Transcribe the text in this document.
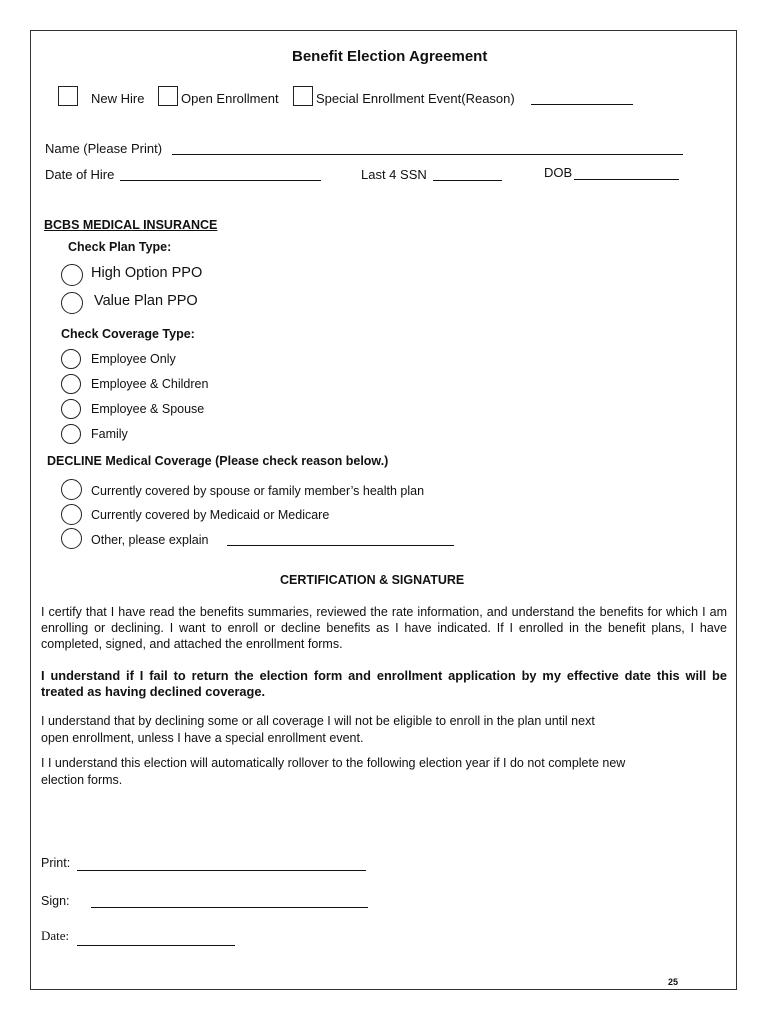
Benefit Election Agreement
New Hire	Open Enrollment	Special Enrollment Event(Reason)
Name (Please Print)
Date of Hire	Last 4 SSN	DOB
BCBS MEDICAL INSURANCE
Check Plan Type:
High Option PPO
Value Plan PPO
Check Coverage Type:
Employee Only
Employee & Children
Employee & Spouse
Family
DECLINE Medical Coverage (Please check reason below.)
Currently covered by spouse or family member’s health plan
Currently covered by Medicaid or Medicare
Other, please explain
CERTIFICATION & SIGNATURE
I certify that I have read the benefits summaries, reviewed the rate information, and understand the benefits for which I am enrolling or declining. I want to enroll or decline benefits as I have indicated. If I enrolled in the benefit plans, I have completed, signed, and attached the enrollment forms.
I understand if I fail to return the election form and enrollment application by my effective date this will be treated as having declined coverage.
I understand that by declining some or all coverage I will not be eligible to enroll in the plan until next
open enrollment, unless I have a special enrollment event.
I I understand this election will automatically rollover to the following election year if I do not complete new
election forms.
Print:
Sign:
Date:
25
